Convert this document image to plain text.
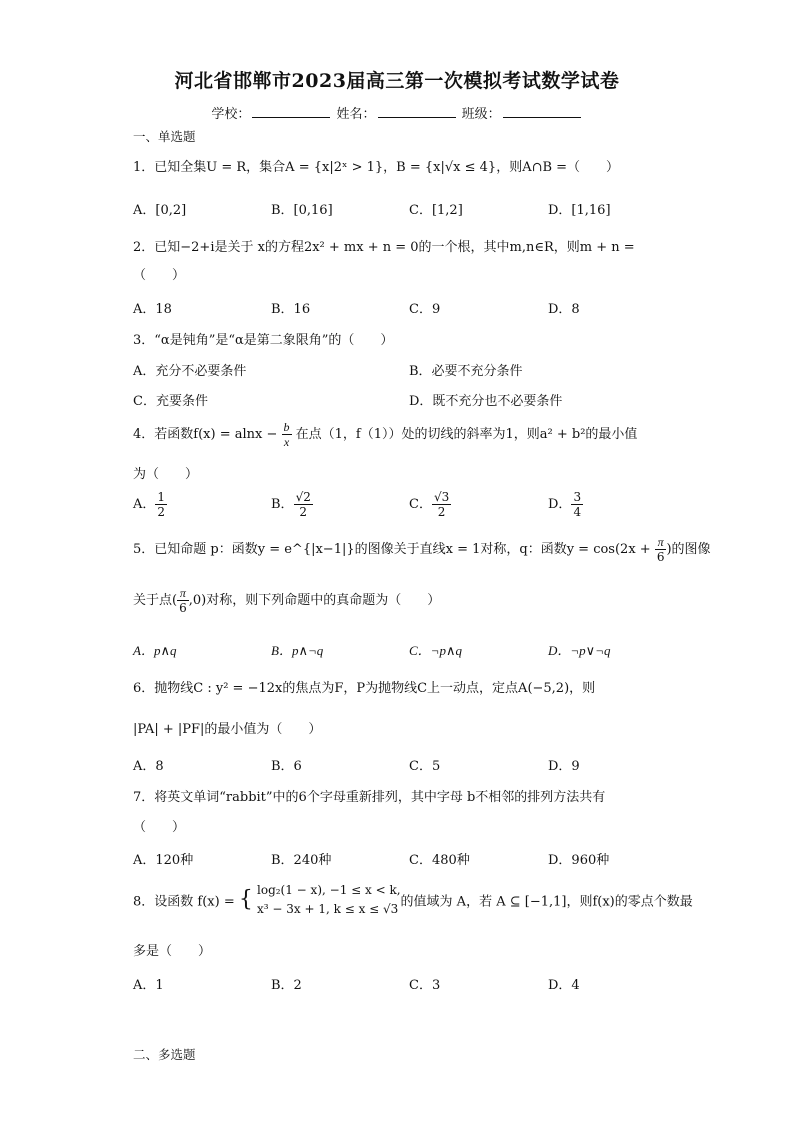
河北省邯郸市2023届高三第一次模拟考试数学试卷
学校：	姓名：	班级：
一、单选题
1．已知全集U = R，集合A = {x|2ˣ > 1}，B = {x|√x ≤ 4}，则A∩B =（　　）
A．[0,2]	B．[0,16]	C．[1,2]	D．[1,16]
2．已知−2+i是关于 x的方程2x² + mx + n = 0的一个根，其中m,n∈R，则m + n =
（　　）
A．18	B．16	C．9	D．8
3．“α是钝角”是“α是第二象限角”的（　　）
A．充分不必要条件	B．必要不充分条件
C．充要条件	D．既不充分也不必要条件
4．若函数$f(x) = alnx - \frac{b}{x}$ 在点（1，f（1））处的切线的斜率为1，则a² + b²的最小值
为（　　）
A． $\frac{1}{2}$	B． $\frac{√2}{2}$	C． $\frac{√3}{2}$	D． $\frac{3}{4}$
5．已知命题 p：函数y = e^{|x−1|}的图像关于直线x = 1对称，q：函数$y = \cos(2x + \frac{\pi}{6}$ )的图像
关于点( $\frac{\pi}{6} ,0$)对称，则下列命题中的真命题为（　　）
A．p∧q	B．p∧¬q	C．¬p∧q	D．¬p∨¬q
6．抛物线C : y² = −12x的焦点为F，P为抛物线C上一动点，定点A(−5,2)，则
|PA| + |PF|的最小值为（　　）
A．8	B．6	C．5	D．9
7．将英文单词“rabbit”中的6个字母重新排列，其中字母 b不相邻的排列方法共有
（　　）
A．120种	B．240种	C．480种	D．960种
8．设函数 f(x) = { log₂(1 − x), −1 ≤ x < k,
x³ − 3x + 1, k ≤ x ≤ √3 的值域为 A，若 A ⊆ [−1,1]，则f(x)的零点个数最
多是（　　）
A．1	B．2	C．3	D．4
二、多选题
